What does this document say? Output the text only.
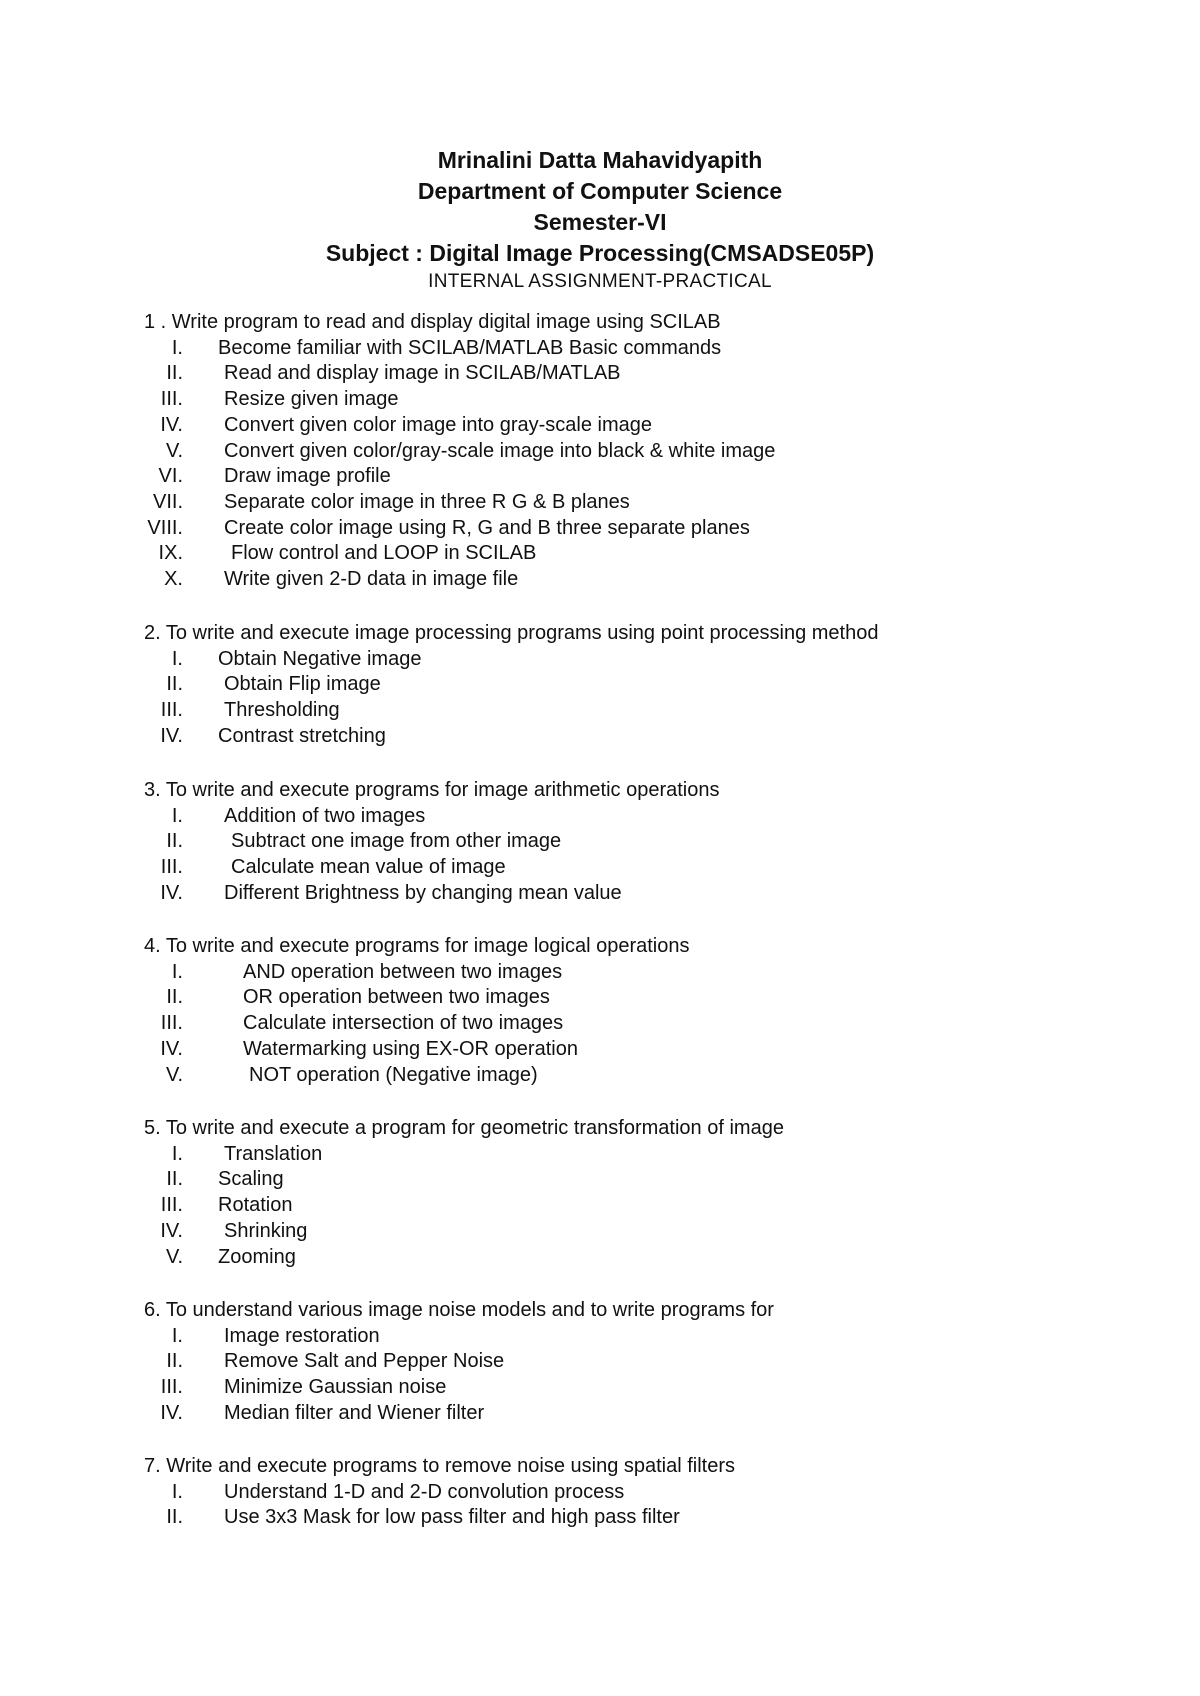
Mrinalini Datta Mahavidyapith
Department of Computer Science
Semester-VI
Subject : Digital Image Processing(CMSADSE05P)
INTERNAL ASSIGNMENT-PRACTICAL
1 . Write program to read and display digital image using SCILAB
I. Become familiar with SCILAB/MATLAB Basic commands
II. Read and display image in SCILAB/MATLAB
III. Resize given image
IV. Convert given color image into gray-scale image
V. Convert given color/gray-scale image into black & white image
VI. Draw image profile
VII. Separate color image in three R G & B planes
VIII. Create color image using R, G and B three separate planes
IX. Flow control and LOOP in SCILAB
X. Write given 2-D data in image file
2. To write and execute image processing programs using point processing method
I. Obtain Negative image
II. Obtain Flip image
III. Thresholding
IV. Contrast stretching
3. To write and execute programs for image arithmetic operations
I. Addition of two images
II. Subtract one image from other image
III. Calculate mean value of image
IV. Different Brightness by changing mean value
4. To write and execute programs for image logical operations
I.	AND operation between two images
II.	OR operation between two images
III.	Calculate intersection of two images
IV.	Watermarking using EX-OR operation
V.	NOT operation (Negative image)
5. To write and execute a program for geometric transformation of image
I. Translation
II. Scaling
III. Rotation
IV. Shrinking
V. Zooming
6. To understand various image noise models and to write programs for
I. Image restoration
II. Remove Salt and Pepper Noise
III. Minimize Gaussian noise
IV. Median filter and Wiener filter
7. Write and execute programs to remove noise using spatial filters
I. Understand 1-D and 2-D convolution process
II. Use 3x3 Mask for low pass filter and high pass filter
